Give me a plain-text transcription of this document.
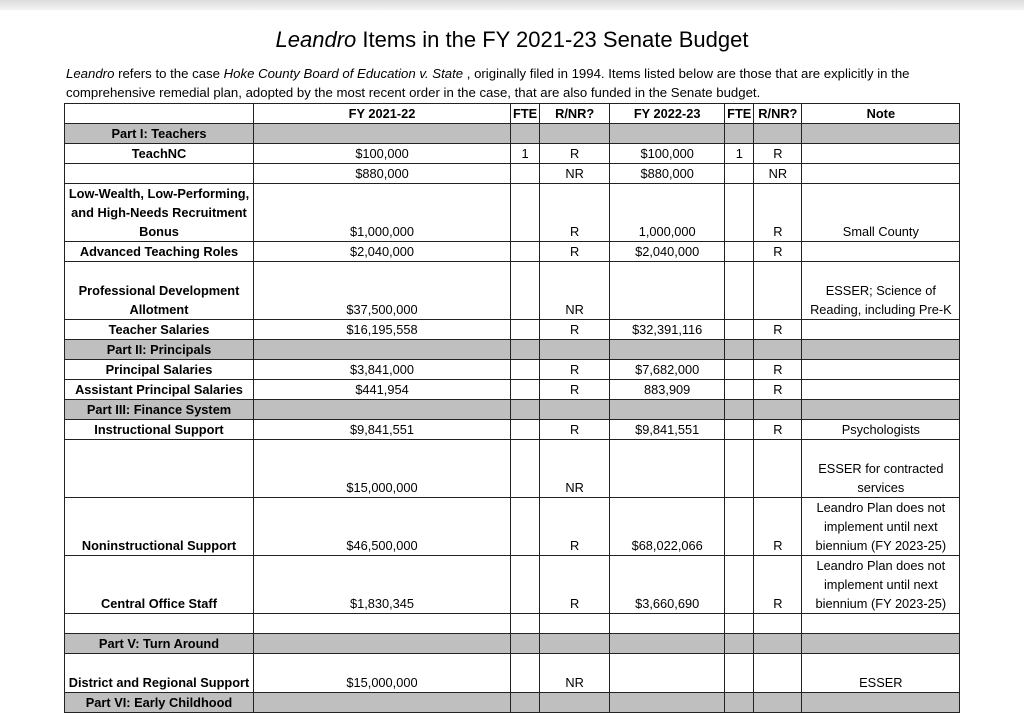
Leandro Items in the FY 2021-23 Senate Budget
Leandro refers to the case Hoke County Board of Education v. State , originally filed in 1994. Items listed below are those that are explicitly in the comprehensive remedial plan, adopted by the most recent order in the case, that are also funded in the Senate budget.
	FY 2021-22	FTE	R/NR?	FY 2022-23	FTE	R/NR?	Note
Part I: Teachers							
TeachNC	$100,000	1	R	$100,000	1	R	
	$880,000		NR	$880,000		NR	
Low-Wealth, Low-Performing, and High-Needs Recruitment Bonus	$1,000,000		R	1,000,000		R	Small County
Advanced Teaching Roles	$2,040,000		R	$2,040,000		R	
Professional Development Allotment	$37,500,000		NR				ESSER; Science of Reading, including Pre-K
Teacher Salaries	$16,195,558		R	$32,391,116		R	
Part II: Principals							
Principal Salaries	$3,841,000		R	$7,682,000		R	
Assistant Principal Salaries	$441,954		R	883,909		R	
Part III: Finance System							
Instructional Support	$9,841,551		R	$9,841,551		R	Psychologists
	$15,000,000		NR				ESSER for contracted services
Noninstructional Support	$46,500,000		R	$68,022,066		R	Leandro Plan does not implement until next biennium (FY 2023-25)
Central Office Staff	$1,830,345		R	$3,660,690		R	Leandro Plan does not implement until next biennium (FY 2023-25)

Part V: Turn Around							
District and Regional Support	$15,000,000		NR				ESSER
Part VI: Early Childhood							
